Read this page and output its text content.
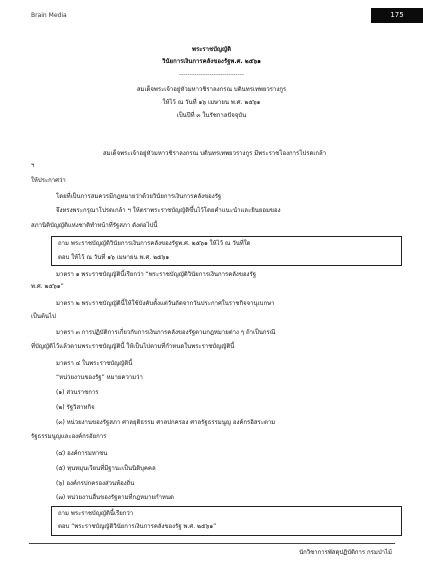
Brain Media	175
พระราชบัญญัติ
วินัยการเงินการคลังของรัฐพ.ศ. ๒๕๖๑
------------------------------
สมเด็จพระเจ้าอยู่หัวมหาวชิราลงกรณ บดินทรเทพยวรางกูร
ให้ไว้ ณ วันที่ ๑๖ เมษายน พ.ศ. ๒๕๖๑
เป็นปีที่ ๓ ในรัชกาลปัจจุบัน
สมเด็จพระเจ้าอยู่หัวมหาวชิราลงกรณ บดินทรเทพยวรางกูร มีพระราชโองการโปรดเกล้า
ฯ
ให้ประกาศว่า
โดยที่เป็นการสมควรมีกฎหมายว่าด้วยวินัยการเงินการคลังของรัฐ
จึงทรงพระกรุณาโปรดเกล้า ฯ ให้ตราพระราชบัญญัติขึ้นไว้โดยคำแนะนำและยินยอมของ
สภานิติบัญญัติแห่งชาติทำหน้าที่รัฐสภา ดังต่อไปนี้
ถาม พระราชบัญญัติวินัยการเงินการคลังของรัฐพ.ศ. ๒๕๖๑ ให้ไว้ ณ วันที่ใด
ตอบ ให้ไว้ ณ วันที่ ๑๖ เมษายน พ.ศ. ๒๕๖๑
มาตรา ๑ พระราชบัญญัตินี้เรียกว่า “พระราชบัญญัติวินัยการเงินการคลังของรัฐ
พ.ศ. ๒๕๖๑”
มาตรา ๒ พระราชบัญญัตินี้ให้ใช้บังคับตั้งแต่วันถัดจากวันประกาศในราชกิจจานุเบกษา
เป็นต้นไป
มาตรา ๓ การปฏิบัติการเกี่ยวกับการเงินการคลังของรัฐตามกฎหมายต่าง ๆ ถ้าเป็นกรณี
ที่บัญญัติไว้แล้วตามพระราชบัญญัตินี้ ให้เป็นไปตามที่กำหนดในพระราชบัญญัตินี้
มาตรา ๔ ในพระราชบัญญัตินี้
“หน่วยงานของรัฐ” หมายความว่า
(๑) ส่วนราชการ
(๒) รัฐวิสาหกิจ
(๓) หน่วยงานของรัฐสภา ศาลยุติธรรม ศาลปกครอง ศาลรัฐธรรมนูญ องค์กรอิสระตาม
รัฐธรรมนูญและองค์กรอัยการ
(๔) องค์การมหาชน
(๕) ทุนหมุนเวียนที่มีฐานะเป็นนิติบุคคล
(๖) องค์กรปกครองส่วนท้องถิ่น
(๗) หน่วยงานอื่นของรัฐตามที่กฎหมายกำหนด
ถาม พระราชบัญญัตินี้เรียกว่า
ตอบ “พระราชบัญญัติวินัยการเงินการคลังของรัฐ พ.ศ. ๒๕๖๑”
นักวิชาการพัสดุปฏิบัติการ กรมป่าไม้
